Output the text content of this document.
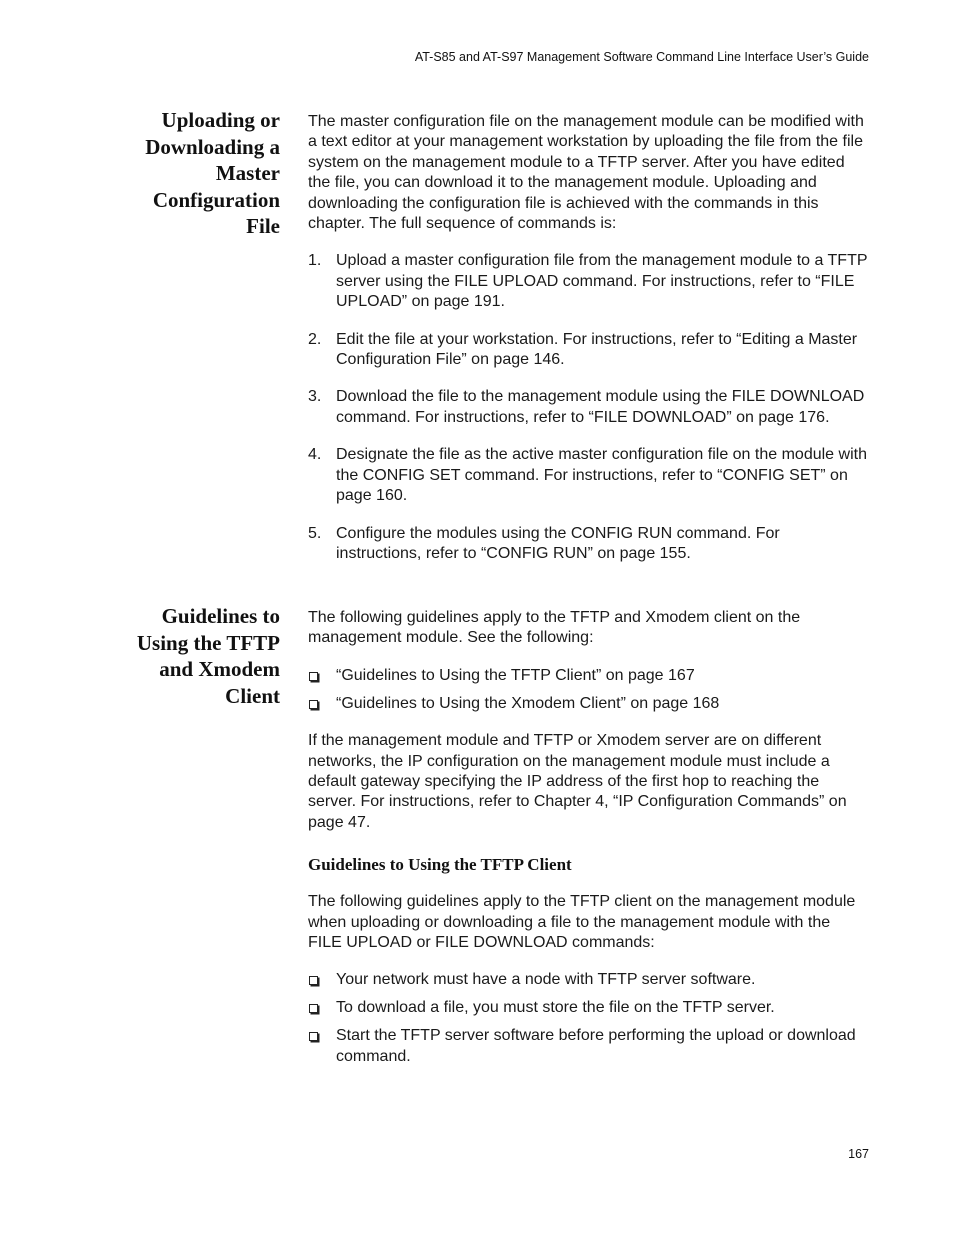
AT-S85 and AT-S97 Management Software Command Line Interface User’s Guide
Uploading or
Downloading a
Master
Configuration
File

The master configuration file on the management module can be modified with a text editor at your management workstation by uploading the file from the file system on the management module to a TFTP server. After you have edited the file, you can download it to the management module. Uploading and downloading the configuration file is achieved with the commands in this chapter. The full sequence of commands is:

1. Upload a master configuration file from the management module to a TFTP server using the FILE UPLOAD command. For instructions, refer to “FILE UPLOAD” on page 191.
2. Edit the file at your workstation. For instructions, refer to “Editing a Master Configuration File” on page 146.
3. Download the file to the management module using the FILE DOWNLOAD command. For instructions, refer to “FILE DOWNLOAD” on page 176.
4. Designate the file as the active master configuration file on the module with the CONFIG SET command. For instructions, refer to “CONFIG SET” on page 160.
5. Configure the modules using the CONFIG RUN command. For instructions, refer to “CONFIG RUN” on page 155.
Guidelines to
Using the TFTP
and Xmodem
Client

The following guidelines apply to the TFTP and Xmodem client on the management module. See the following:

“Guidelines to Using the TFTP Client” on page 167
“Guidelines to Using the Xmodem Client” on page 168

If the management module and TFTP or Xmodem server are on different networks, the IP configuration on the management module must include a default gateway specifying the IP address of the first hop to reaching the server. For instructions, refer to Chapter 4, “IP Configuration Commands” on page 47.

Guidelines to Using the TFTP Client

The following guidelines apply to the TFTP client on the management module when uploading or downloading a file to the management module with the FILE UPLOAD or FILE DOWNLOAD commands:

Your network must have a node with TFTP server software.
To download a file, you must store the file on the TFTP server.
Start the TFTP server software before performing the upload or download command.
167
